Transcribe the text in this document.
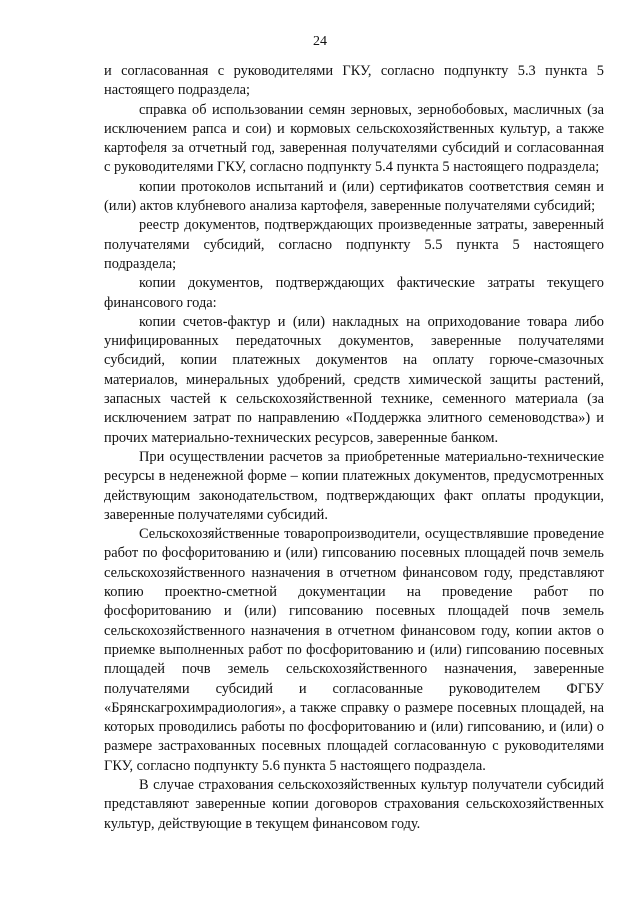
24

и согласованная с руководителями ГКУ, согласно подпункту 5.3 пункта 5 настоящего подраздела;

справка об использовании семян зерновых, зернобобовых, масличных (за исключением рапса и сои) и кормовых сельскохозяйственных культур, а также картофеля за отчетный год, заверенная получателями субсидий и согласованная с руководителями ГКУ, согласно подпункту 5.4 пункта 5 настоящего подраздела;

копии протоколов испытаний и (или) сертификатов соответствия семян и (или) актов клубневого анализа картофеля, заверенные получателями субсидий;

реестр документов, подтверждающих произведенные затраты, заверенный получателями субсидий, согласно подпункту 5.5 пункта 5 настоящего подраздела;

копии документов, подтверждающих фактические затраты текущего финансового года:

копии счетов-фактур и (или) накладных на оприходование товара либо унифицированных передаточных документов, заверенные получателями субсидий, копии платежных документов на оплату горюче-смазочных материалов, минеральных удобрений, средств химической защиты растений, запасных частей к сельскохозяйственной технике, семенного материала (за исключением затрат по направлению «Поддержка элитного семеноводства») и прочих материально-технических ресурсов, заверенные банком.

При осуществлении расчетов за приобретенные материально-технические ресурсы в неденежной форме – копии платежных документов, предусмотренных действующим законодательством, подтверждающих факт оплаты продукции, заверенные получателями субсидий.

Сельскохозяйственные товаропроизводители, осуществлявшие проведение работ по фосфоритованию и (или) гипсованию посевных площадей почв земель сельскохозяйственного назначения в отчетном финансовом году, представляют копию проектно-сметной документации на проведение работ по фосфоритованию и (или) гипсованию посевных площадей почв земель сельскохозяйственного назначения в отчетном финансовом году, копии актов о приемке выполненных работ по фосфоритованию и (или) гипсованию посевных площадей почв земель сельскохозяйственного назначения, заверенные получателями субсидий и согласованные руководителем ФГБУ «Брянскагрохимрадиология», а также справку о размере посевных площадей, на которых проводились работы по фосфоритованию и (или) гипсованию, и (или) о размере застрахованных посевных площадей согласованную с руководителями ГКУ, согласно подпункту 5.6 пункта 5 настоящего подраздела.

В случае страхования сельскохозяйственных культур получатели субсидий представляют заверенные копии договоров страхования сельскохозяйственных культур, действующие в текущем финансовом году.
